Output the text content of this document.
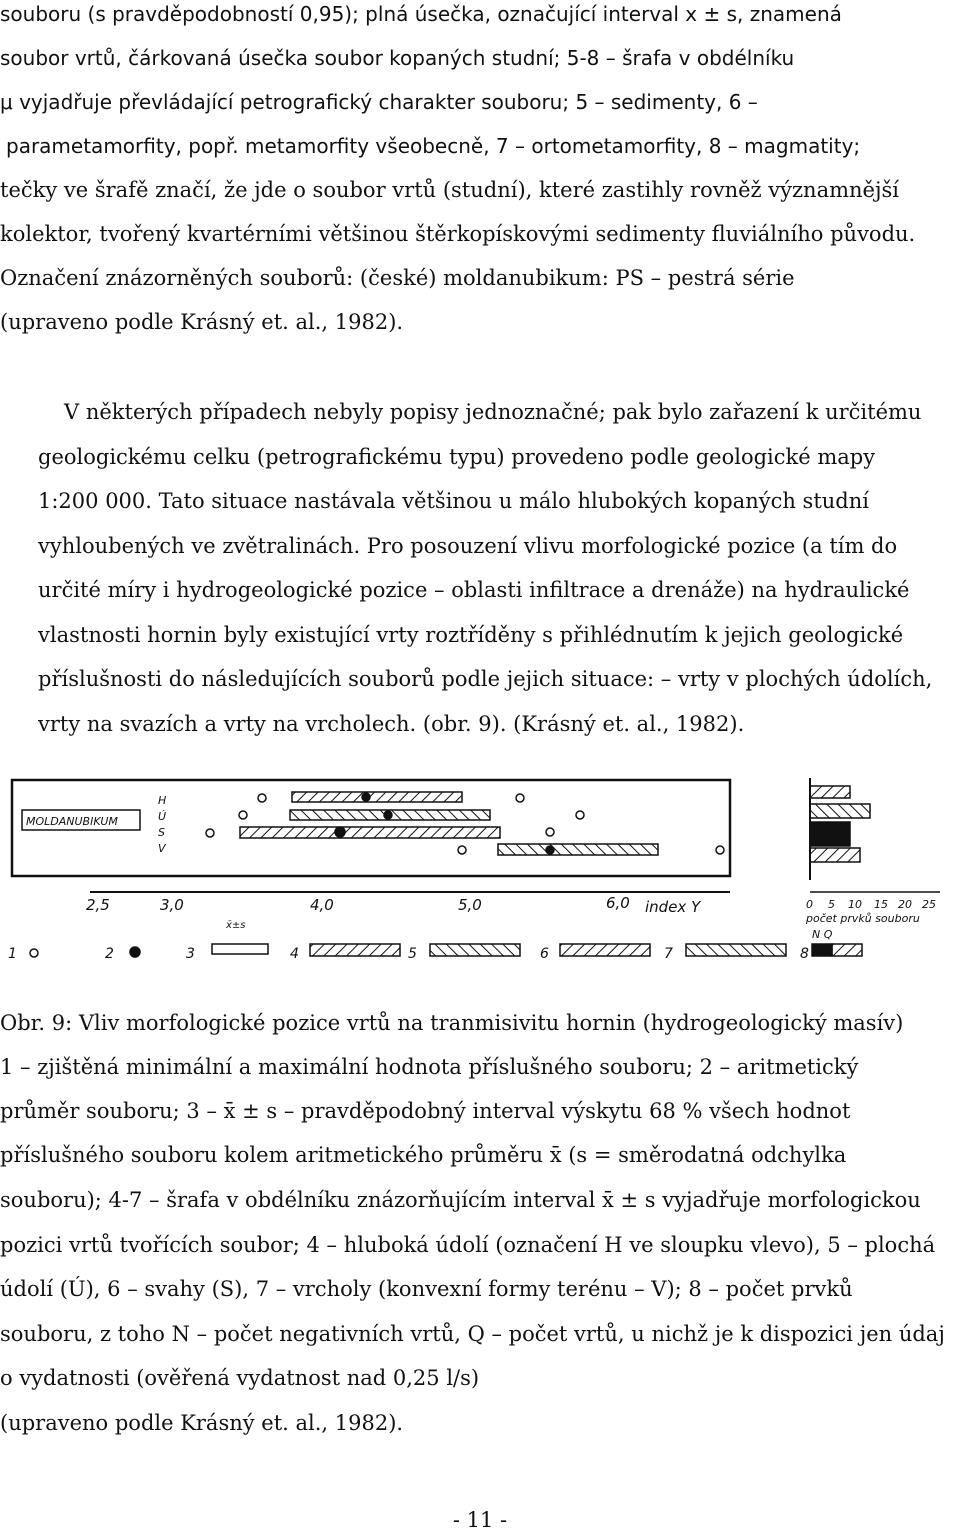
souboru (s pravděpodobností 0,95); plná úsečka, označující interval x ± s, znamená
soubor vrtů, čárkovaná úsečka soubor kopaných studní; 5-8 – šrafa v obdélníku
μ vyjadřuje převládající petrografický charakter souboru; 5 – sedimenty, 6 –
parametamorfity, popř. metamorfity všeobecně, 7 – ortometamorfity, 8 – magmatity;
tečky ve šrafě značí, že jde o soubor vrtů (studní), které zastihly rovněž významnější
kolektor, tvořený kvartérními většinou štěrkopískovými sedimenty fluviálního původu.
Označení znázorněných souborů: (české) moldanubikum: PS – pestrá série
(upraveno podle Krásný et. al., 1982).
V některých případech nebyly popisy jednoznačné; pak bylo zařazení k určitému
geologickému celku (petrografickému typu) provedeno podle geologické mapy
1:200 000. Tato situace nastávala většinou u málo hlubokých kopaných studní
vyhloubených ve zvětralinách. Pro posouzení vlivu morfologické pozice (a tím do
určité míry i hydrogeologické pozice – oblasti infiltrace a drenáže) na hydraulické
vlastnosti hornin byly existující vrty roztříděny s přihlédnutím k jejich geologické
příslušnosti do následujících souborů podle jejich situace: – vrty v plochých údolích,
vrty na svazích a vrty na vrcholech. (obr. 9). (Krásný et. al., 1982).
MOLDANUBIKUM
H
Ú
S
V
2,5	3,0	4,0	5,0	6,0 index Y	0 5 10 15 20 25
počet prvků souboru
N Q
1	2	3
x̄±s
4	5	6	7	8
Obr. 9: Vliv morfologické pozice vrtů na tranmisivitu hornin (hydrogeologický masív)
1 – zjištěná minimální a maximální hodnota příslušného souboru; 2 – aritmetický
průměr souboru; 3 – x̄ ± s – pravděpodobný interval výskytu 68 % všech hodnot
příslušného souboru kolem aritmetického průměru x̄ (s = směrodatná odchylka
souboru); 4-7 – šrafa v obdélníku znázorňujícím interval x̄ ± s vyjadřuje morfologickou
pozici vrtů tvořících soubor; 4 – hluboká údolí (označení H ve sloupku vlevo), 5 – plochá
údolí (Ú), 6 – svahy (S), 7 – vrcholy (konvexní formy terénu – V); 8 – počet prvků
souboru, z toho N – počet negativních vrtů, Q – počet vrtů, u nichž je k dispozici jen údaj
o vydatnosti (ověřená vydatnost nad 0,25 l/s)
(upraveno podle Krásný et. al., 1982).
- 11 -
